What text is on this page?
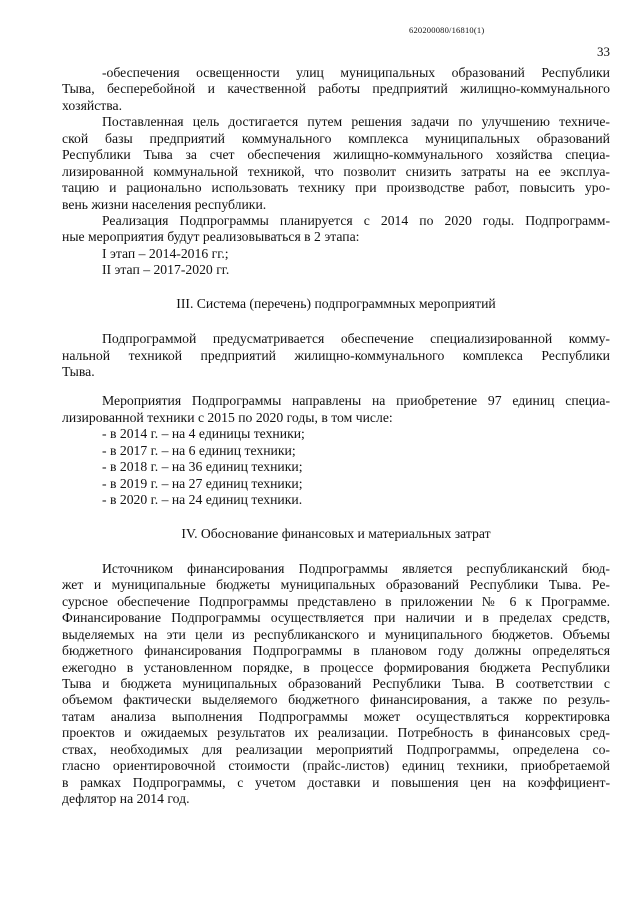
620200080/16810(1)
33
-обеспечения освещенности улиц муниципальных образований Республики
Тыва, бесперебойной и качественной работы предприятий жилищно-коммунального
хозяйства.
Поставленная цель достигается путем решения задачи по улучшению техниче-
ской базы предприятий коммунального комплекса муниципальных образований
Республики Тыва за счет обеспечения жилищно-коммунального хозяйства специа-
лизированной коммунальной техникой, что позволит снизить затраты на ее эксплуа-
тацию и рационально использовать технику при производстве работ, повысить уро-
вень жизни населения республики.
Реализация Подпрограммы планируется с 2014 по 2020 годы. Подпрограмм-
ные мероприятия будут реализовываться в 2 этапа:
I этап – 2014-2016 гг.;
II этап – 2017-2020 гг.
III. Система (перечень) подпрограммных мероприятий
Подпрограммой предусматривается обеспечение специализированной комму-
нальной техникой предприятий жилищно-коммунального комплекса Республики
Тыва.
Мероприятия Подпрограммы направлены на приобретение 97 единиц специа-
лизированной техники с 2015 по 2020 годы, в том числе:
- в 2014 г. – на 4 единицы техники;
- в 2017 г. – на 6 единиц техники;
- в 2018 г. – на 36 единиц техники;
- в 2019 г. – на 27 единиц техники;
- в 2020 г. – на 24 единиц техники.
IV. Обоснование финансовых и материальных затрат
Источником финансирования Подпрограммы является республиканский бюд-
жет и муниципальные бюджеты муниципальных образований Республики Тыва. Ре-
сурсное обеспечение Подпрограммы представлено в приложении № 6 к Программе.
Финансирование Подпрограммы осуществляется при наличии и в пределах средств,
выделяемых на эти цели из республиканского и муниципального бюджетов. Объемы
бюджетного финансирования Подпрограммы в плановом году должны определяться
ежегодно в установленном порядке, в процессе формирования бюджета Республики
Тыва и бюджета муниципальных образований Республики Тыва. В соответствии с
объемом фактически выделяемого бюджетного финансирования, а также по резуль-
татам анализа выполнения Подпрограммы может осуществляться корректировка
проектов и ожидаемых результатов их реализации. Потребность в финансовых сред-
ствах, необходимых для реализации мероприятий Подпрограммы, определена со-
гласно ориентировочной стоимости (прайс-листов) единиц техники, приобретаемой
в рамках Подпрограммы, с учетом доставки и повышения цен на коэффициент-
дефлятор на 2014 год.
